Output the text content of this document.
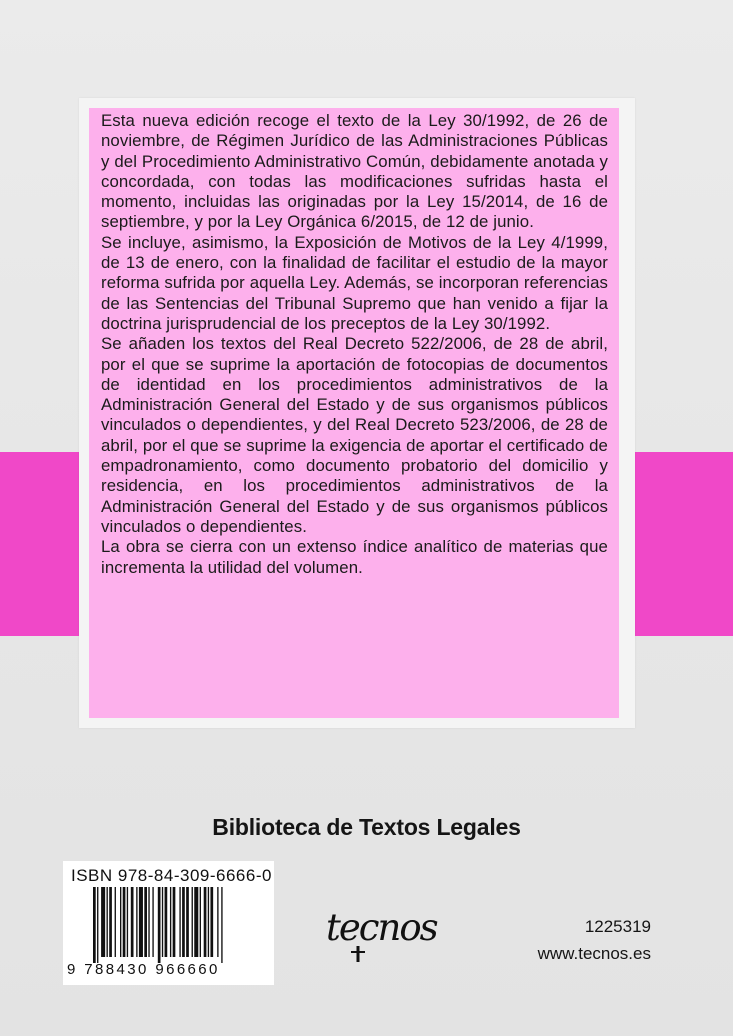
Esta nueva edición recoge el texto de la Ley 30/1992, de 26 de noviembre, de Régimen Jurídico de las Administraciones Públicas y del Procedimiento Administrativo Común, debidamente anotada y concordada, con todas las modificaciones sufridas hasta el momento, incluidas las originadas por la Ley 15/2014, de 16 de septiembre, y por la Ley Orgánica 6/2015, de 12 de junio.

Se incluye, asimismo, la Exposición de Motivos de la Ley 4/1999, de 13 de enero, con la finalidad de facilitar el estudio de la mayor reforma sufrida por aquella Ley. Además, se incorporan referencias de las Sentencias del Tribunal Supremo que han venido a fijar la doctrina jurisprudencial de los preceptos de la Ley 30/1992.

Se añaden los textos del Real Decreto 522/2006, de 28 de abril, por el que se suprime la aportación de fotocopias de documentos de identidad en los procedimientos administrativos de la Administración General del Estado y de sus organismos públicos vinculados o dependientes, y del Real Decreto 523/2006, de 28 de abril, por el que se suprime la exigencia de aportar el certificado de empadronamiento, como documento probatorio del domicilio y residencia, en los procedimientos administrativos de la Administración General del Estado y de sus organismos públicos vinculados o dependientes.

La obra se cierra con un extenso índice analítico de materias que incrementa la utilidad del volumen.

Biblioteca de Textos Legales
ISBN 978-84-309-6666-0
9 788430 966660
tecnos	1225319
www.tecnos.es
